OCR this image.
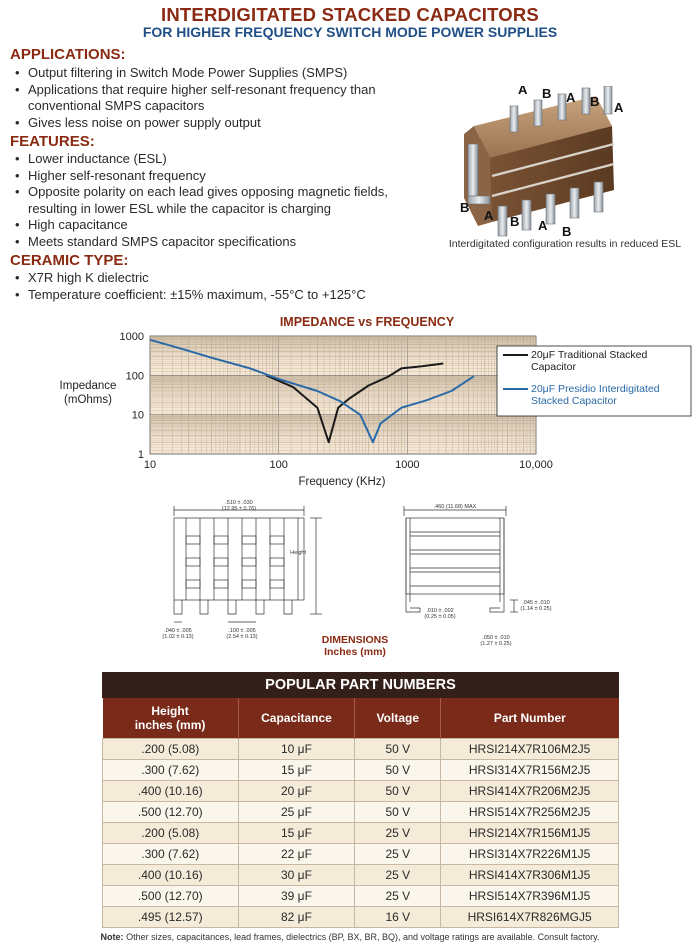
INTERDIGITATED STACKED CAPACITORS
FOR HIGHER FREQUENCY SWITCH MODE POWER SUPPLIES
APPLICATIONS:
• Output filtering in Switch Mode Power Supplies (SMPS)
• Applications that require higher self-resonant frequency than conventional SMPS capacitors
• Gives less noise on power supply output
FEATURES:
• Lower inductance (ESL)
• Higher self-resonant frequency
• Opposite polarity on each lead gives opposing magnetic fields, resulting in lower ESL while the capacitor is charging
• High capacitance
• Meets standard SMPS capacitor specifications
CERAMIC TYPE:
• X7R high K dielectric
• Temperature coefficient: ±15% maximum, -55°C to +125°C
A B A B A
B
A B A B
Interdigitated configuration results in reduced ESL
IMPEDANCE vs FREQUENCY
10	100	1000	10,000
1
10
100
1000
Impedance
(mOhms)
Frequency (KHz)
20μF Traditional Stacked Capacitor
20μF Presidio Interdigitated Stacked Capacitor
.510 ± .030
(12.95 ± 0.76)
Height
.040 ± .005
(1.02 ± 0.13)
.100 ± .005
(2.54 ± 0.13)
.460 (11.68) MAX
.010 ± .002
(0.25 ± 0.05)
.045 ± .010
(1.14 ± 0.25)
.050 ± .010
(1.27 ± 0.25)
DIMENSIONS
Inches (mm)
POPULAR PART NUMBERS
Height
inches (mm)	Capacitance	Voltage	Part Number
.200 (5.08)	10 μF	50 V	HRSI214X7R106M2J5
.300 (7.62)	15 μF	50 V	HRSI314X7R156M2J5
.400 (10.16)	20 μF	50 V	HRSI414X7R206M2J5
.500 (12.70)	25 μF	50 V	HRSI514X7R256M2J5
.200 (5.08)	15 μF	25 V	HRSI214X7R156M1J5
.300 (7.62)	22 μF	25 V	HRSI314X7R226M1J5
.400 (10.16)	30 μF	25 V	HRSI414X7R306M1J5
.500 (12.70)	39 μF	25 V	HRSI514X7R396M1J5
.495 (12.57)	82 μF	16 V	HRSI614X7R826MGJ5
Note: Other sizes, capacitances, lead frames, dielectrics (BP, BX, BR, BQ), and voltage ratings are available. Consult factory.
